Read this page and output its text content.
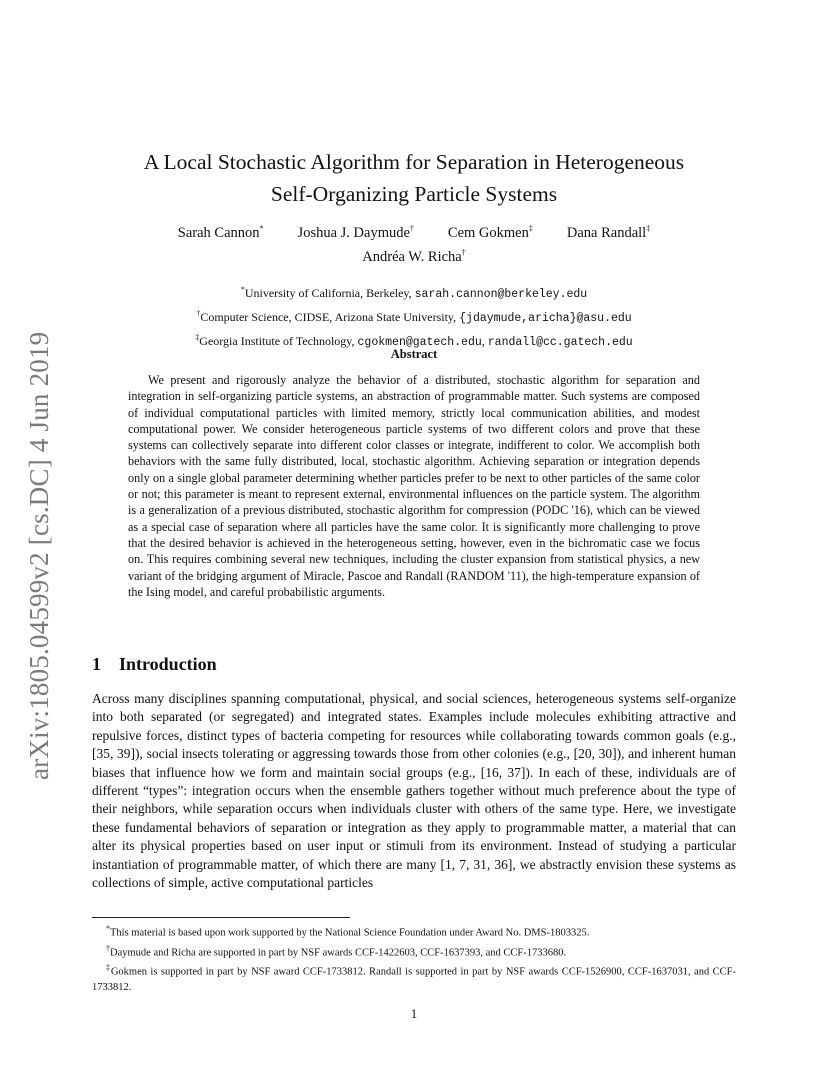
arXiv:1805.04599v2 [cs.DC] 4 Jun 2019
A Local Stochastic Algorithm for Separation in Heterogeneous
Self-Organizing Particle Systems
Sarah Cannon* Joshua J. Daymude† Cem Gokmen‡ Dana Randall‡
Andréa W. Richa†
*University of California, Berkeley, sarah.cannon@berkeley.edu
†Computer Science, CIDSE, Arizona State University, {jdaymude,aricha}@asu.edu
‡Georgia Institute of Technology, cgokmen@gatech.edu, randall@cc.gatech.edu
Abstract
We present and rigorously analyze the behavior of a distributed, stochastic algorithm for separation and integration in self-organizing particle systems, an abstraction of programmable matter. Such systems are composed of individual computational particles with limited memory, strictly local communication abilities, and modest computational power. We consider heterogeneous particle systems of two different colors and prove that these systems can collectively separate into different color classes or integrate, indifferent to color. We accomplish both behaviors with the same fully distributed, local, stochastic algorithm. Achieving separation or integration depends only on a single global parameter determining whether particles prefer to be next to other particles of the same color or not; this parameter is meant to represent external, environmental influences on the particle system. The algorithm is a generalization of a previous distributed, stochastic algorithm for compression (PODC '16), which can be viewed as a special case of separation where all particles have the same color. It is significantly more challenging to prove that the desired behavior is achieved in the heterogeneous setting, however, even in the bichromatic case we focus on. This requires combining several new techniques, including the cluster expansion from statistical physics, a new variant of the bridging argument of Miracle, Pascoe and Randall (RANDOM '11), the high-temperature expansion of the Ising model, and careful probabilistic arguments.
1 Introduction
Across many disciplines spanning computational, physical, and social sciences, heterogeneous systems self-organize into both separated (or segregated) and integrated states. Examples include molecules exhibiting attractive and repulsive forces, distinct types of bacteria competing for resources while collaborating towards common goals (e.g., [35, 39]), social insects tolerating or aggressing towards those from other colonies (e.g., [20, 30]), and inherent human biases that influence how we form and maintain social groups (e.g., [16, 37]). In each of these, individuals are of different “types”: integration occurs when the ensemble gathers together without much preference about the type of their neighbors, while separation occurs when individuals cluster with others of the same type. Here, we investigate these fundamental behaviors of separation or integration as they apply to programmable matter, a material that can alter its physical properties based on user input or stimuli from its environment. Instead of studying a particular instantiation of programmable matter, of which there are many [1, 7, 31, 36], we abstractly envision these systems as collections of simple, active computational particles

*This material is based upon work supported by the National Science Foundation under Award No. DMS-1803325.

†Daymude and Richa are supported in part by NSF awards CCF-1422603, CCF-1637393, and CCF-1733680.

‡Gokmen is supported in part by NSF award CCF-1733812. Randall is supported in part by NSF awards CCF-1526900, CCF-1637031, and CCF-1733812.

1
